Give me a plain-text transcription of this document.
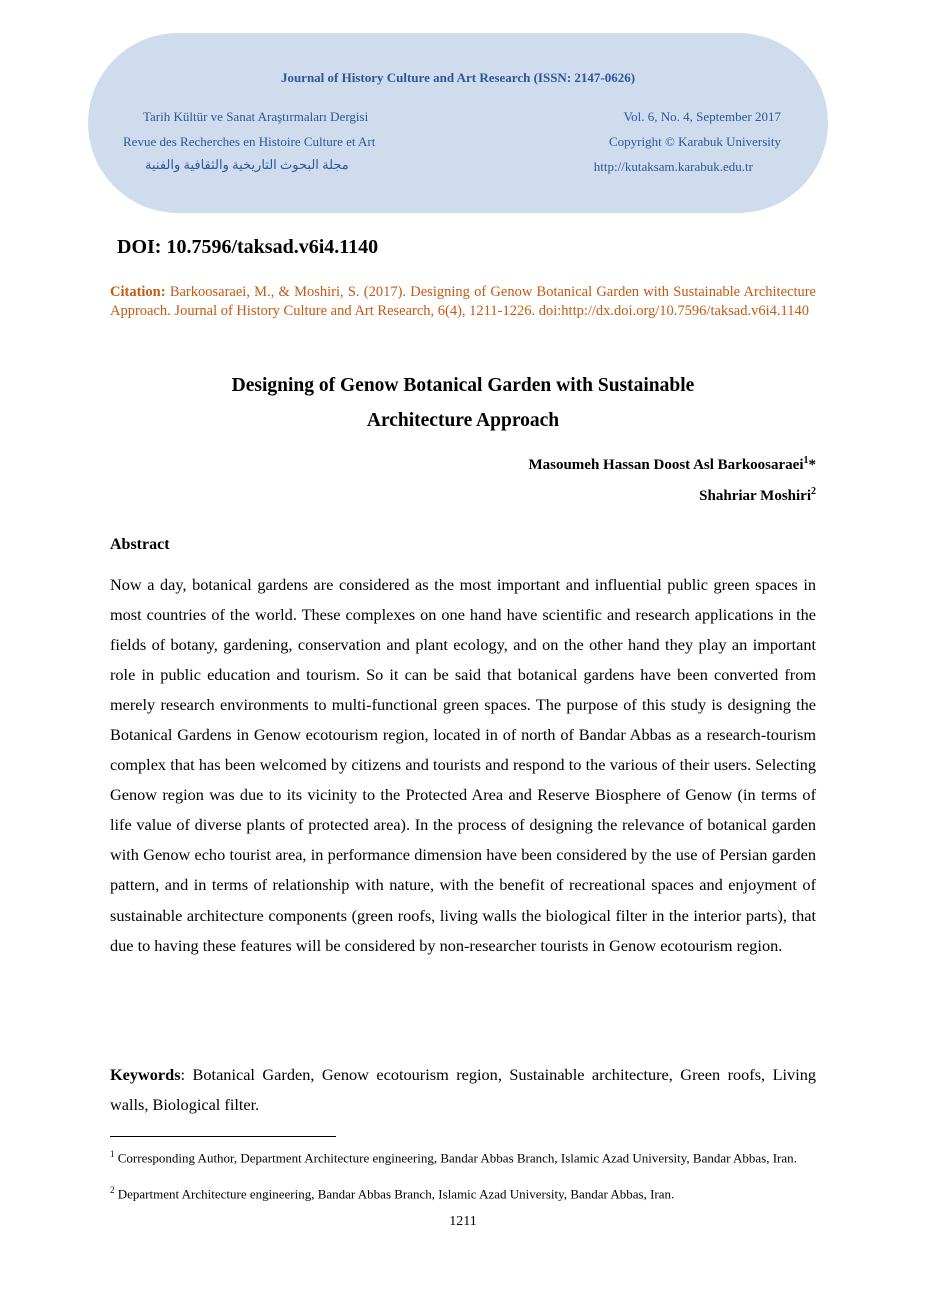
Journal of History Culture and Art Research (ISSN: 2147-0626)
Tarih Kültür ve Sanat Araştırmaları Dergisi
Revue des Recherches en Histoire Culture et Art
مجلة البحوث التاريخية والثقافية والفنية
Vol. 6, No. 4, September 2017
Copyright © Karabuk University
http://kutaksam.karabuk.edu.tr
DOI: 10.7596/taksad.v6i4.1140
Citation: Barkoosaraei, M., & Moshiri, S. (2017). Designing of Genow Botanical Garden with Sustainable Architecture Approach. Journal of History Culture and Art Research, 6(4), 1211-1226. doi:http://dx.doi.org/10.7596/taksad.v6i4.1140
Designing of Genow Botanical Garden with Sustainable
Architecture Approach
Masoumeh Hassan Doost Asl Barkoosaraei$^1$*
Shahriar Moshiri$^2$
Abstract
Now a day, botanical gardens are considered as the most important and influential public green spaces in most countries of the world. These complexes on one hand have scientific and research applications in the fields of botany, gardening, conservation and plant ecology, and on the other hand they play an important role in public education and tourism. So it can be said that botanical gardens have been converted from merely research environments to multi-functional green spaces. The purpose of this study is designing the Botanical Gardens in Genow ecotourism region, located in of north of Bandar Abbas as a research-tourism complex that has been welcomed by citizens and tourists and respond to the various of their users. Selecting Genow region was due to its vicinity to the Protected Area and Reserve Biosphere of Genow (in terms of life value of diverse plants of protected area). In the process of designing the relevance of botanical garden with Genow echo tourist area, in performance dimension have been considered by the use of Persian garden pattern, and in terms of relationship with nature, with the benefit of recreational spaces and enjoyment of sustainable architecture components (green roofs, living walls the biological filter in the interior parts), that due to having these features will be considered by non-researcher tourists in Genow ecotourism region.
Keywords: Botanical Garden, Genow ecotourism region, Sustainable architecture, Green roofs, Living walls, Biological filter.
$^1$ Corresponding Author, Department Architecture engineering, Bandar Abbas Branch, Islamic Azad University, Bandar Abbas, Iran.
$^2$ Department Architecture engineering, Bandar Abbas Branch, Islamic Azad University, Bandar Abbas, Iran.
1211
